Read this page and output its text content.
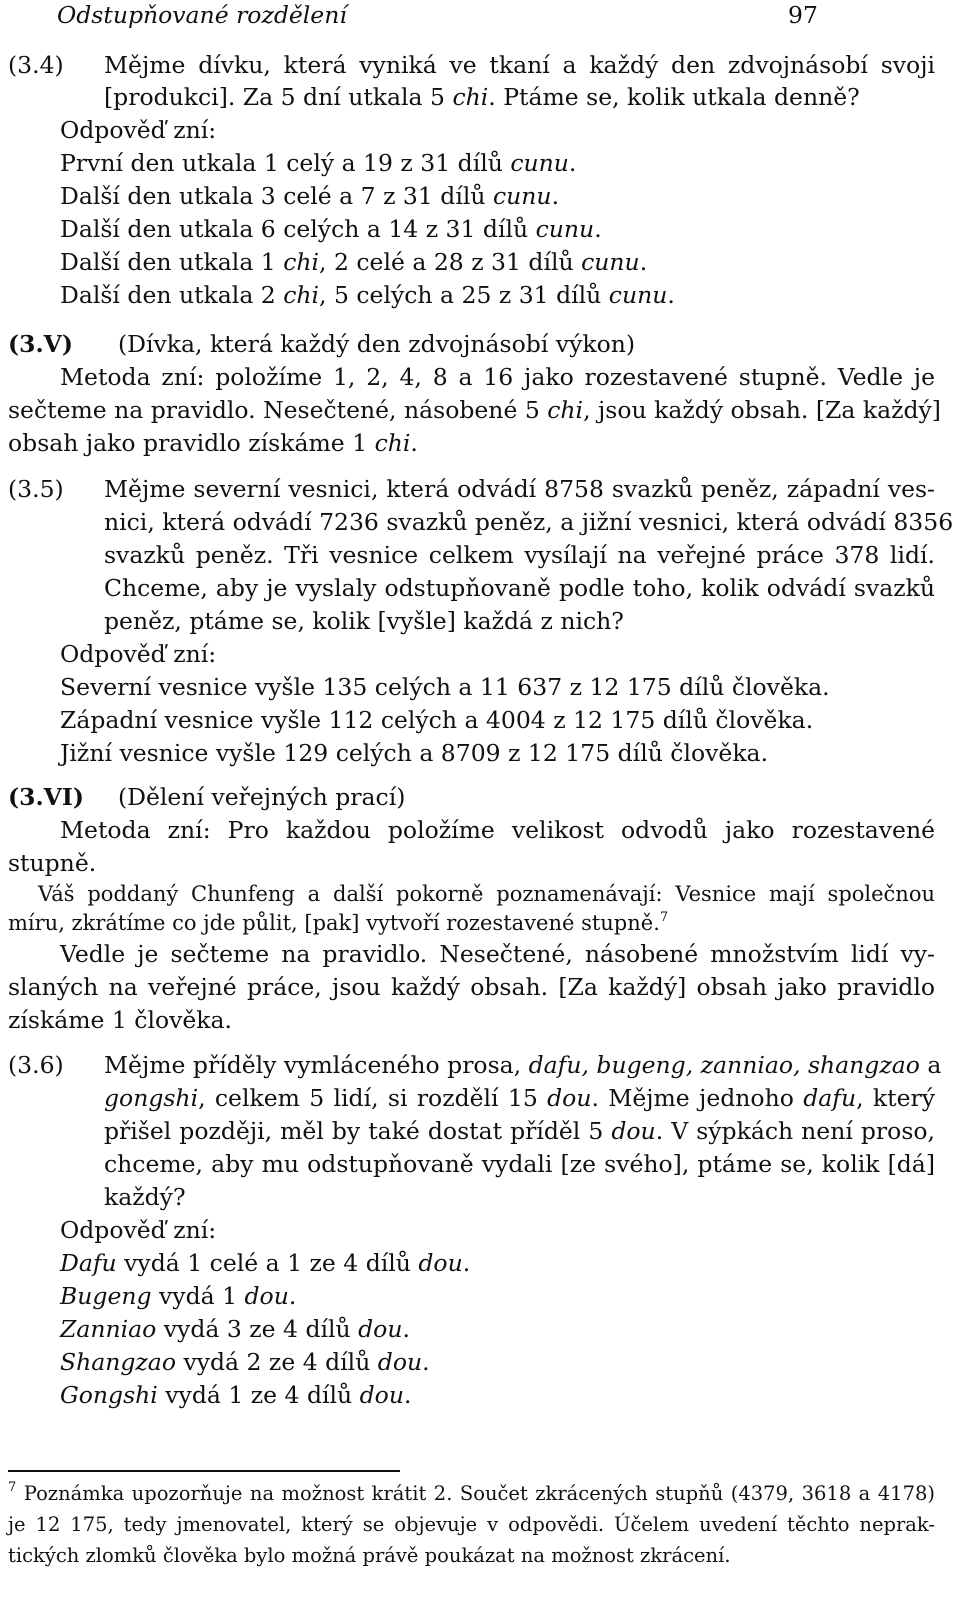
Odstupňované rozdělení	97
(3.4) Mějme dívku, která vyniká ve tkaní a každý den zdvojnásobí svoji
[produkci]. Za 5 dní utkala 5 chi. Ptáme se, kolik utkala denně?
Odpověď zní:
První den utkala 1 celý a 19 z 31 dílů cunu.
Další den utkala 3 celé a 7 z 31 dílů cunu.
Další den utkala 6 celých a 14 z 31 dílů cunu.
Další den utkala 1 chi, 2 celé a 28 z 31 dílů cunu.
Další den utkala 2 chi, 5 celých a 25 z 31 dílů cunu.
(3.V) (Dívka, která každý den zdvojnásobí výkon)
Metoda zní: položíme 1, 2, 4, 8 a 16 jako rozestavené stupně. Vedle je
sečteme na pravidlo. Nesečtené, násobené 5 chi, jsou každý obsah. [Za každý]
obsah jako pravidlo získáme 1 chi.
(3.5) Mějme severní vesnici, která odvádí 8758 svazků peněz, západní ves-
nici, která odvádí 7236 svazků peněz, a jižní vesnici, která odvádí 8356
svazků peněz. Tři vesnice celkem vysílají na veřejné práce 378 lidí.
Chceme, aby je vyslaly odstupňovaně podle toho, kolik odvádí svazků
peněz, ptáme se, kolik [vyšle] každá z nich?
Odpověď zní:
Severní vesnice vyšle 135 celých a 11 637 z 12 175 dílů člověka.
Západní vesnice vyšle 112 celých a 4004 z 12 175 dílů člověka.
Jižní vesnice vyšle 129 celých a 8709 z 12 175 dílů člověka.
(3.VI) (Dělení veřejných prací)
Metoda zní: Pro každou položíme velikost odvodů jako rozestavené
stupně.
Váš poddaný Chunfeng a další pokorně poznamenávají: Vesnice mají společnou
míru, zkrátíme co jde půlit, [pak] vytvoří rozestavené stupně.$^7$
Vedle je sečteme na pravidlo. Nesečtené, násobené množstvím lidí vy-
slaných na veřejné práce, jsou každý obsah. [Za každý] obsah jako pravidlo
získáme 1 člověka.
(3.6) Mějme příděly vymláceného prosa, dafu, bugeng, zanniao, shangzao a
gongshi, celkem 5 lidí, si rozdělí 15 dou. Mějme jednoho dafu, který
přišel později, měl by také dostat příděl 5 dou. V sýpkách není proso,
chceme, aby mu odstupňovaně vydali [ze svého], ptáme se, kolik [dá]
každý?
Odpověď zní:
Dafu vydá 1 celé a 1 ze 4 dílů dou.
Bugeng vydá 1 dou.
Zanniao vydá 3 ze 4 dílů dou.
Shangzao vydá 2 ze 4 dílů dou.
Gongshi vydá 1 ze 4 dílů dou.
$^7$ Poznámka upozorňuje na možnost krátit 2. Součet zkrácených stupňů (4379, 3618 a 4178)
je 12 175, tedy jmenovatel, který se objevuje v odpovědi. Účelem uvedení těchto neprak-
tických zlomků člověka bylo možná právě poukázat na možnost zkrácení.
